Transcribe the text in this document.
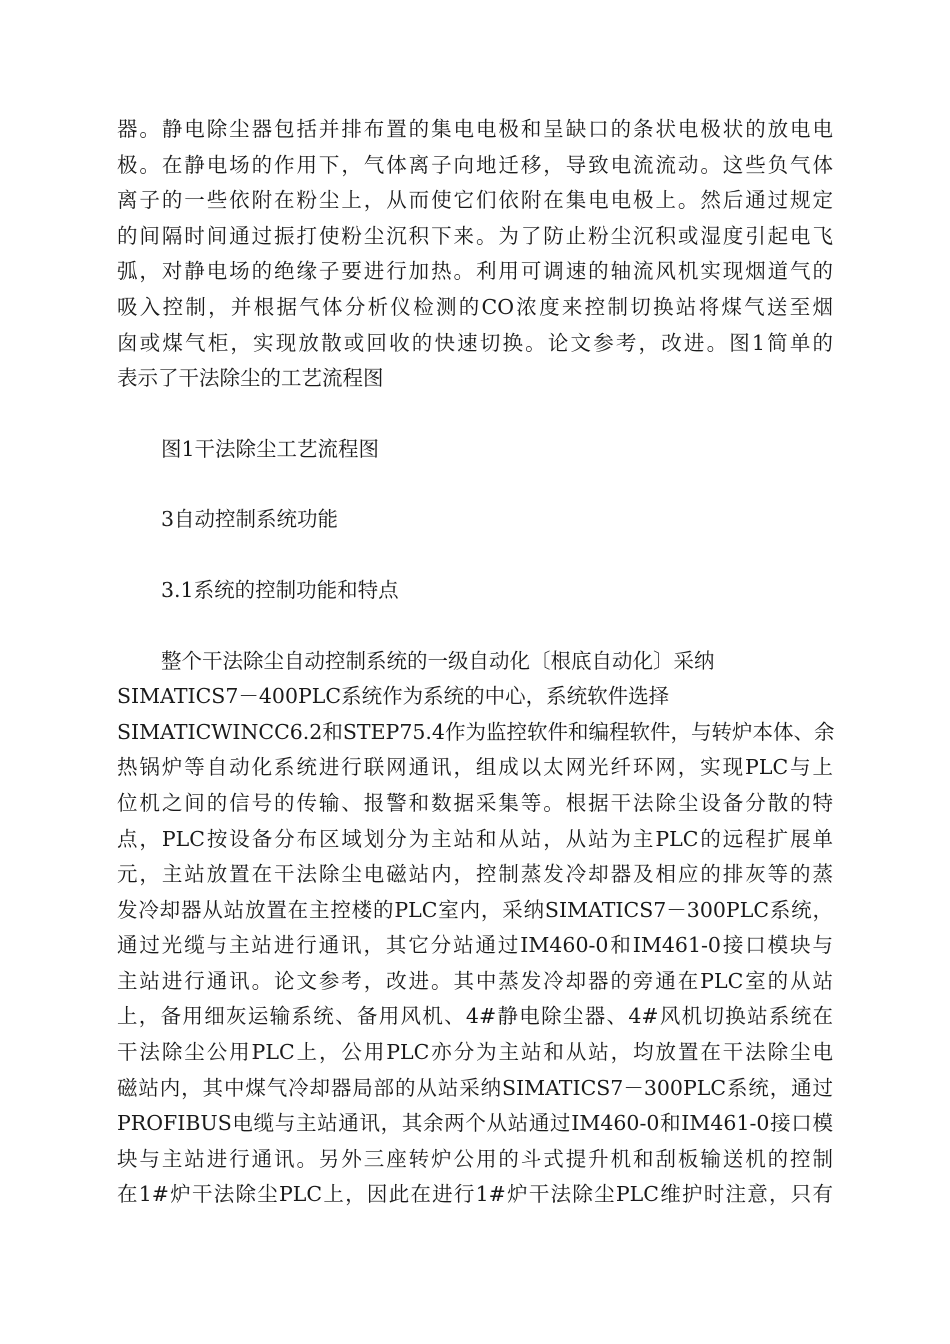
器。静电除尘器包括并排布置的集电电极和呈缺口的条状电极状的放电电
极。在静电场的作用下，气体离子向地迁移，导致电流流动。这些负气体
离子的一些依附在粉尘上，从而使它们依附在集电电极上。然后通过规定
的间隔时间通过振打使粉尘沉积下来。为了防止粉尘沉积或湿度引起电飞
弧，对静电场的绝缘子要进行加热。利用可调速的轴流风机实现烟道气的
吸入控制，并根据气体分析仪检测的CO浓度来控制切换站将煤气送至烟
囱或煤气柜，实现放散或回收的快速切换。论文参考，改进。图1简单的
表示了干法除尘的工艺流程图
图1干法除尘工艺流程图
3自动控制系统功能
3.1系统的控制功能和特点
整个干法除尘自动控制系统的一级自动化〔根底自动化〕采纳
SIMATICS7－400PLC系统作为系统的中心，系统软件选择
SIMATICWINCC6.2和STEP75.4作为监控软件和编程软件，与转炉本体、余
热锅炉等自动化系统进行联网通讯，组成以太网光纤环网，实现PLC与上
位机之间的信号的传输、报警和数据采集等。根据干法除尘设备分散的特
点，PLC按设备分布区域划分为主站和从站，从站为主PLC的远程扩展单
元，主站放置在干法除尘电磁站内，控制蒸发冷却器及相应的排灰等的蒸
发冷却器从站放置在主控楼的PLC室内，采纳SIMATICS7－300PLC系统，
通过光缆与主站进行通讯，其它分站通过IM460-0和IM461-0接口模块与
主站进行通讯。论文参考，改进。其中蒸发冷却器的旁通在PLC室的从站
上，备用细灰运输系统、备用风机、4#静电除尘器、4#风机切换站系统在
干法除尘公用PLC上，公用PLC亦分为主站和从站，均放置在干法除尘电
磁站内，其中煤气冷却器局部的从站采纳SIMATICS7－300PLC系统，通过
PROFIBUS电缆与主站通讯，其余两个从站通过IM460-0和IM461-0接口模
块与主站进行通讯。另外三座转炉公用的斗式提升机和刮板输送机的控制
在1#炉干法除尘PLC上，因此在进行1#炉干法除尘PLC维护时注意，只有
